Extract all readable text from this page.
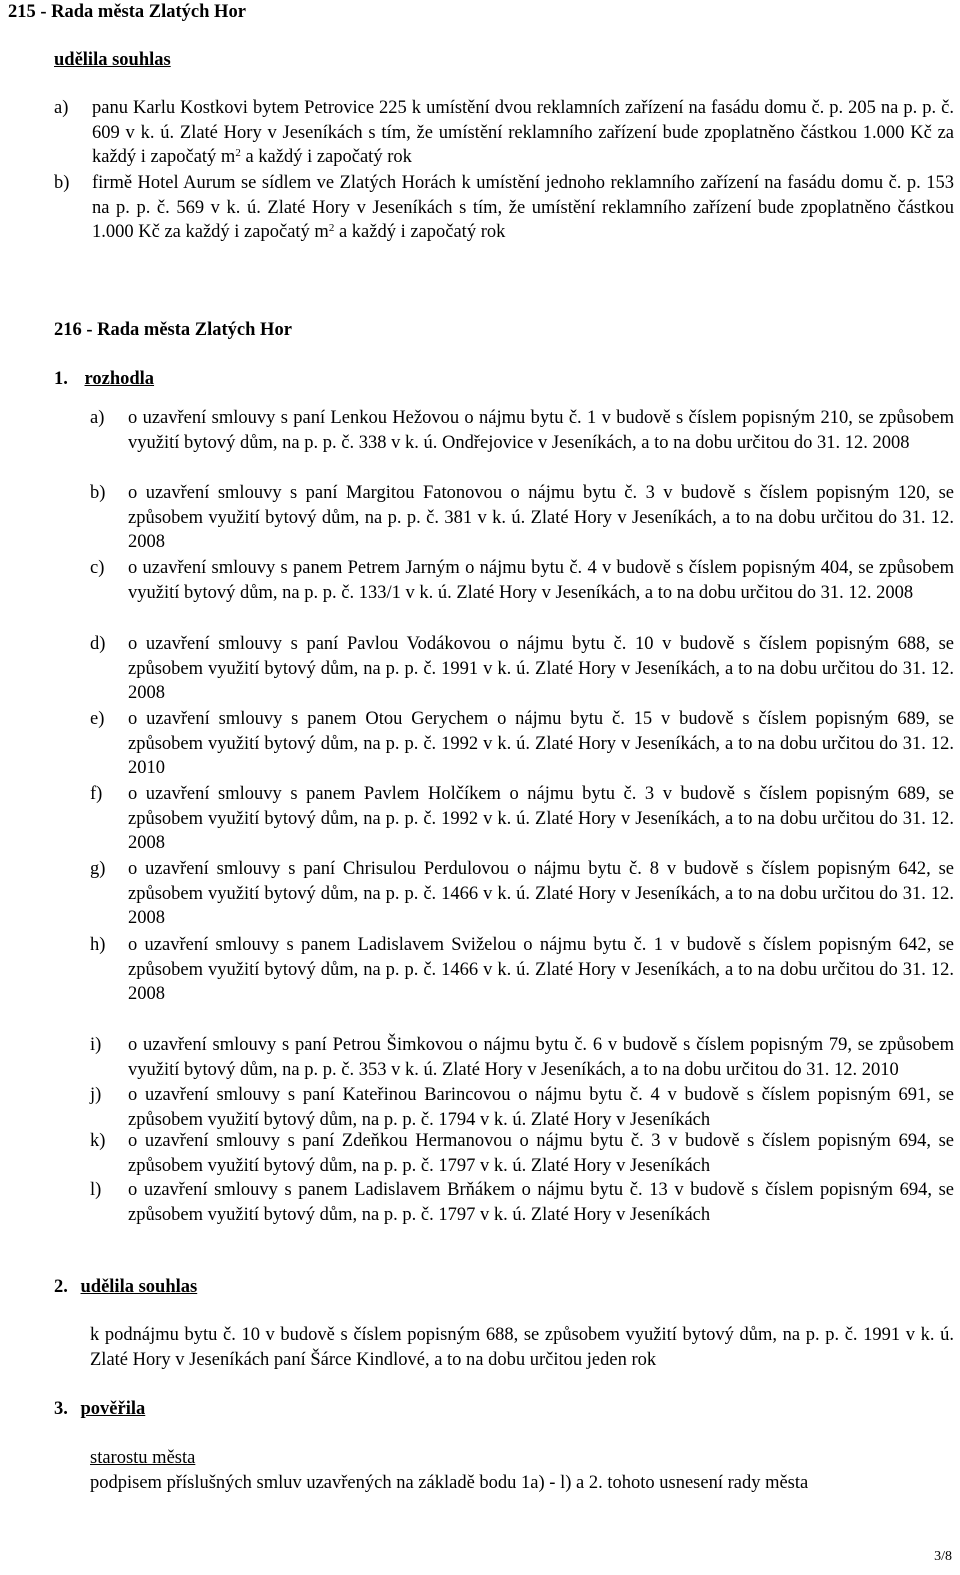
215 - Rada města Zlatých Hor
udělila souhlas
a) panu Karlu Kostkovi bytem Petrovice 225 k umístění dvou reklamních zařízení na fasádu domu č. p. 205 na p. p. č. 609 v k. ú. Zlaté Hory v Jeseníkách s tím, že umístění reklamního zařízení bude zpoplatněno částkou 1.000 Kč za každý i započatý $m^2$ a každý i započatý rok
b) firmě Hotel Aurum se sídlem ve Zlatých Horách k umístění jednoho reklamního zařízení na fasádu domu č. p. 153 na p. p. č. 569 v k. ú. Zlaté Hory v Jeseníkách s tím, že umístění reklamního zařízení bude zpoplatněno částkou 1.000 Kč za každý i započatý $m^2$ a každý i započatý rok
216 - Rada města Zlatých Hor
1. rozhodla
a) o uzavření smlouvy s paní Lenkou Hežovou o nájmu bytu č. 1 v budově s číslem popisným 210, se způsobem využití bytový dům, na p. p. č. 338 v k. ú. Ondřejovice v Jeseníkách, a to na dobu určitou do 31. 12. 2008
b) o uzavření smlouvy s paní Margitou Fatonovou o nájmu bytu č. 3 v budově s číslem popisným 120, se způsobem využití bytový dům, na p. p. č. 381 v k. ú. Zlaté Hory v Jeseníkách, a to na dobu určitou do 31. 12. 2008
c) o uzavření smlouvy s panem Petrem Jarným o nájmu bytu č. 4 v budově s číslem popisným 404, se způsobem využití bytový dům, na p. p. č. 133/1 v k. ú. Zlaté Hory v Jeseníkách, a to na dobu určitou do 31. 12. 2008
d) o uzavření smlouvy s paní Pavlou Vodákovou o nájmu bytu č. 10 v budově s číslem popisným 688, se způsobem využití bytový dům, na p. p. č. 1991 v k. ú. Zlaté Hory v Jeseníkách, a to na dobu určitou do 31. 12. 2008
e) o uzavření smlouvy s panem Otou Gerychem o nájmu bytu č. 15 v budově s číslem popisným 689, se způsobem využití bytový dům, na p. p. č. 1992 v k. ú. Zlaté Hory v Jeseníkách, a to na dobu určitou do 31. 12. 2010
f) o uzavření smlouvy s panem Pavlem Holčíkem o nájmu bytu č. 3 v budově s číslem popisným 689, se způsobem využití bytový dům, na p. p. č. 1992 v k. ú. Zlaté Hory v Jeseníkách, a to na dobu určitou do 31. 12. 2008
g) o uzavření smlouvy s paní Chrisulou Perdulovou o nájmu bytu č. 8 v budově s číslem popisným 642, se způsobem využití bytový dům, na p. p. č. 1466 v k. ú. Zlaté Hory v Jeseníkách, a to na dobu určitou do 31. 12. 2008
h) o uzavření smlouvy s panem Ladislavem Sviželou o nájmu bytu č. 1 v budově s číslem popisným 642, se způsobem využití bytový dům, na p. p. č. 1466 v k. ú. Zlaté Hory v Jeseníkách, a to na dobu určitou do 31. 12. 2008
i) o uzavření smlouvy s paní Petrou Šimkovou o nájmu bytu č. 6 v budově s číslem popisným 79, se způsobem využití bytový dům, na p. p. č. 353 v k. ú. Zlaté Hory v Jeseníkách, a to na dobu určitou do 31. 12. 2010
j) o uzavření smlouvy s paní Kateřinou Barincovou o nájmu bytu č. 4 v budově s číslem popisným 691, se způsobem využití bytový dům, na p. p. č. 1794 v k. ú. Zlaté Hory v Jeseníkách
k) o uzavření smlouvy s paní Zdeňkou Hermanovou o nájmu bytu č. 3 v budově s číslem popisným 694, se způsobem využití bytový dům, na p. p. č. 1797 v k. ú. Zlaté Hory v Jeseníkách
l) o uzavření smlouvy s panem Ladislavem Brňákem o nájmu bytu č. 13 v budově s číslem popisným 694, se způsobem využití bytový dům, na p. p. č. 1797 v k. ú. Zlaté Hory v Jeseníkách
2. udělila souhlas
k podnájmu bytu č. 10 v budově s číslem popisným 688, se způsobem využití bytový dům, na p. p. č. 1991 v k. ú. Zlaté Hory v Jeseníkách paní Šárce Kindlové, a to na dobu určitou jeden rok
3. pověřila
starostu města
podpisem příslušných smluv uzavřených na základě bodu 1a) - l) a 2. tohoto usnesení rady města
3/8
